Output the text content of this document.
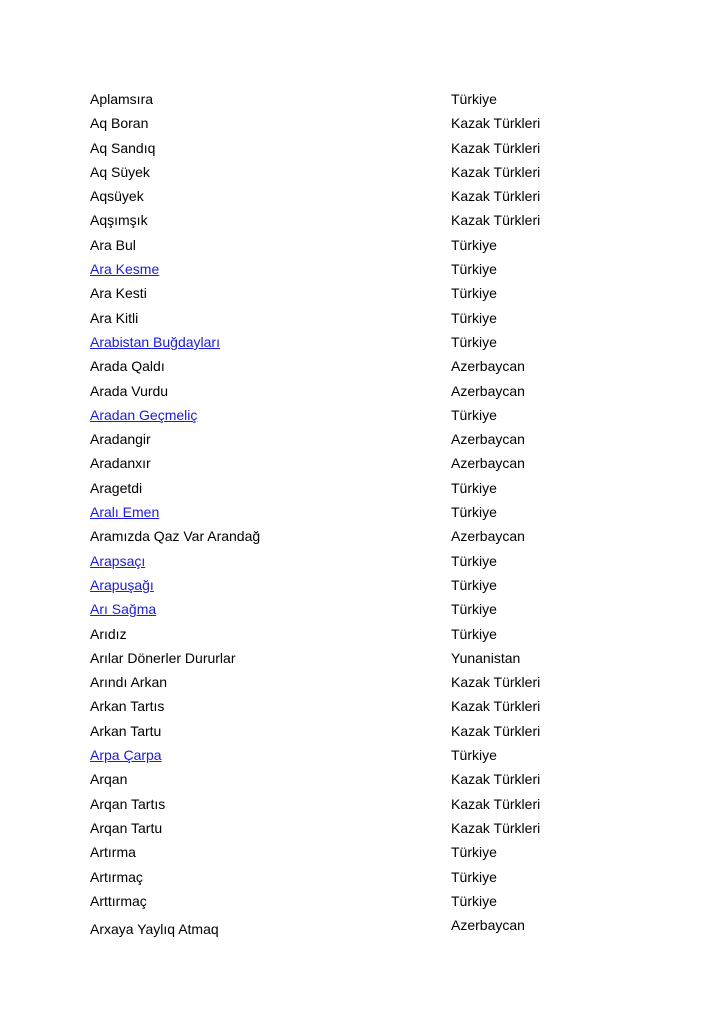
Aplamsıra	Türkiye
Aq Boran	Kazak Türkleri
Aq Sandıq	Kazak Türkleri
Aq Süyek	Kazak Türkleri
Aqsüyek	Kazak Türkleri
Aqşımşık	Kazak Türkleri
Ara Bul	Türkiye
Ara Kesme	Türkiye
Ara Kesti	Türkiye
Ara Kitli	Türkiye
Arabistan Buğdayları	Türkiye
Arada Qaldı	Azerbaycan
Arada Vurdu	Azerbaycan
Aradan Geçmeliç	Türkiye
Aradangir	Azerbaycan
Aradanxır	Azerbaycan
Aragetdi	Türkiye
Aralı Emen	Türkiye
Aramızda Qaz Var Arandağ	Azerbaycan
Arapsaçı	Türkiye
Arapuşağı	Türkiye
Arı Sağma	Türkiye
Arıdız	Türkiye
Arılar Dönerler Dururlar	Yunanistan
Arındı Arkan	Kazak Türkleri
Arkan Tartıs	Kazak Türkleri
Arkan Tartu	Kazak Türkleri
Arpa Çarpa	Türkiye
Arqan	Kazak Türkleri
Arqan Tartıs	Kazak Türkleri
Arqan Tartu	Kazak Türkleri
Artırma	Türkiye
Artırmaç	Türkiye
Arttırmaç	Türkiye
Arxaya Yaylıq Atmaq	Azerbaycan
